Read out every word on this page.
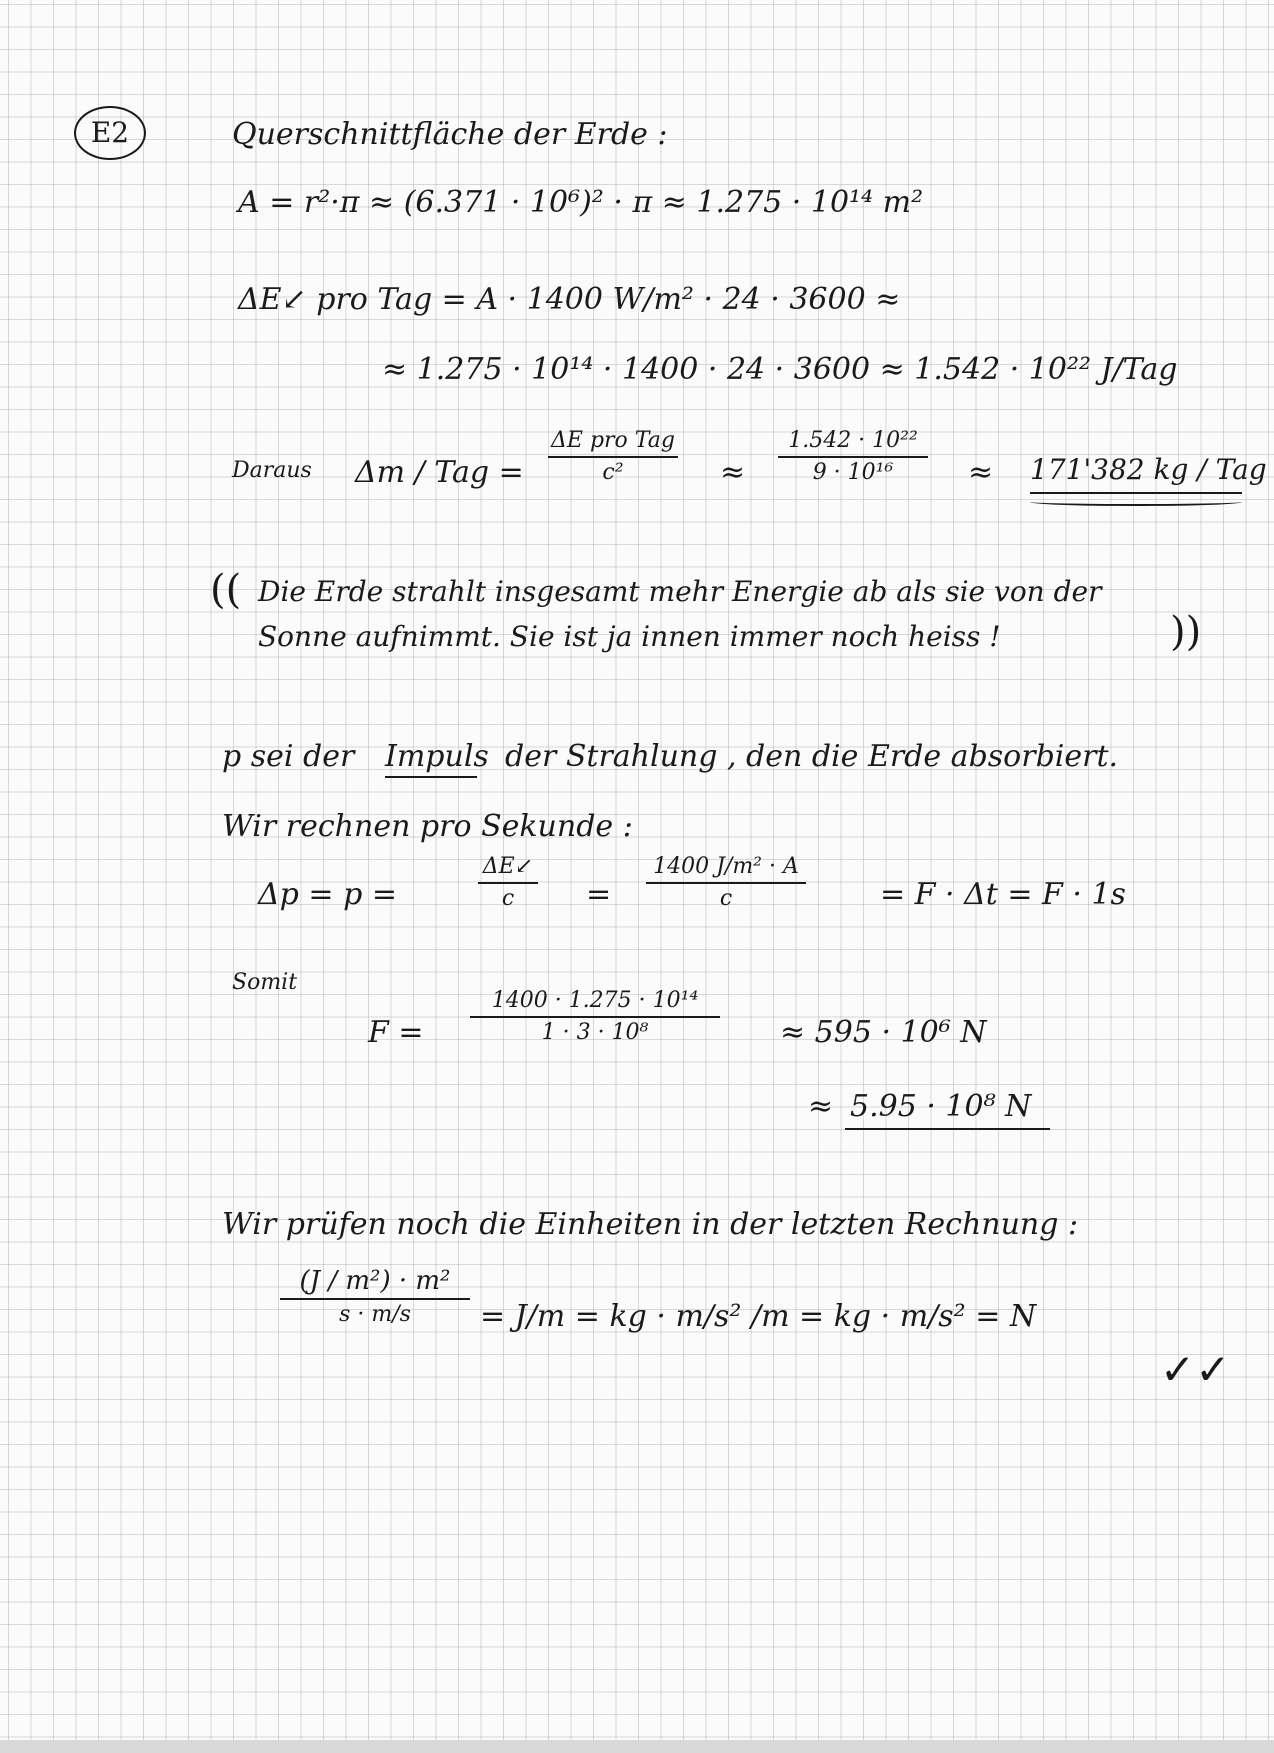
E2	Querschnittfläche der Erde :
A = r²·π ≈ (6.371 · 10⁶)² · π ≈ 1.275 · 10¹⁴ m²
ΔE↙ pro Tag = A · 1400 W/m² · 24 · 3600 ≈
≈ 1.275 · 10¹⁴ · 1400 · 24 · 3600 ≈ 1.542 · 10²² J/Tag
Daraus Δm / Tag =
ΔE pro Tag
c²	≈
1.542 · 10²²
9 · 10¹⁶	≈ 171'382 kg / Tag
(( Die Erde strahlt insgesamt mehr Energie ab als sie von der
Sonne aufnimmt. Sie ist ja innen immer noch heiss !	))
p sei der Impuls der Strahlung , den die Erde absorbiert.
Wir rechnen pro Sekunde :
Δp = p =
ΔE↙
c	=
1400 J/m² · A
c	= F · Δt = F · 1s
Somit
F =
1400 · 1.275 · 10¹⁴
1 · 3 · 10⁸	≈ 595 · 10⁶ N
≈ 5.95 · 10⁸ N
Wir prüfen noch die Einheiten in der letzten Rechnung :
(J / m²) · m²
s · m/s	= J/m = kg · m/s² /m = kg · m/s² = N
✓✓
